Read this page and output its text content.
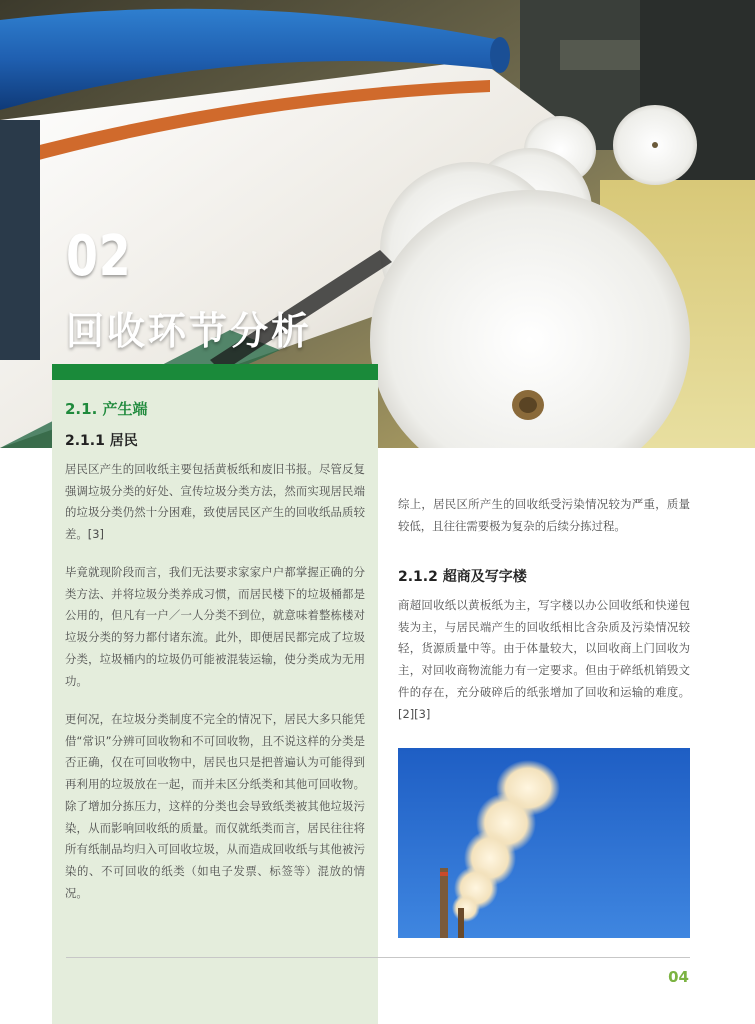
02
回收环节分析
2.1. 产生端
2.1.1 居民

居民区产生的回收纸主要包括黄板纸和废旧书报。尽管反复强调垃圾分类的好处、宣传垃圾分类方法，然而实现居民端的垃圾分类仍然十分困难，致使居民区产生的回收纸品质较差。[3]

毕竟就现阶段而言，我们无法要求家家户户都掌握正确的分类方法、并将垃圾分类养成习惯，而居民楼下的垃圾桶都是公用的，但凡有一户／一人分类不到位，就意味着整栋楼对垃圾分类的努力都付诸东流。此外，即便居民都完成了垃圾分类，垃圾桶内的垃圾仍可能被混装运输，使分类成为无用功。

更何况，在垃圾分类制度不完全的情况下，居民大多只能凭借“常识”分辨可回收物和不可回收物，且不说这样的分类是否正确，仅在可回收物中，居民也只是把普遍认为可能得到再利用的垃圾放在一起，而并未区分纸类和其他可回收物。除了增加分拣压力，这样的分类也会导致纸类被其他垃圾污染，从而影响回收纸的质量。而仅就纸类而言，居民往往将所有纸制品均归入可回收垃圾，从而造成回收纸与其他被污染的、不可回收的纸类（如电子发票、标签等）混放的情况。

综上，居民区所产生的回收纸受污染情况较为严重，质量较低，且往往需要极为复杂的后续分拣过程。

2.1.2 超商及写字楼

商超回收纸以黄板纸为主，写字楼以办公回收纸和快递包装为主，与居民端产生的回收纸相比含杂质及污染情况较轻，货源质量中等。由于体量较大，以回收商上门回收为主，对回收商物流能力有一定要求。但由于碎纸机销毁文件的存在，充分破碎后的纸张增加了回收和运输的难度。[2][3]

04
